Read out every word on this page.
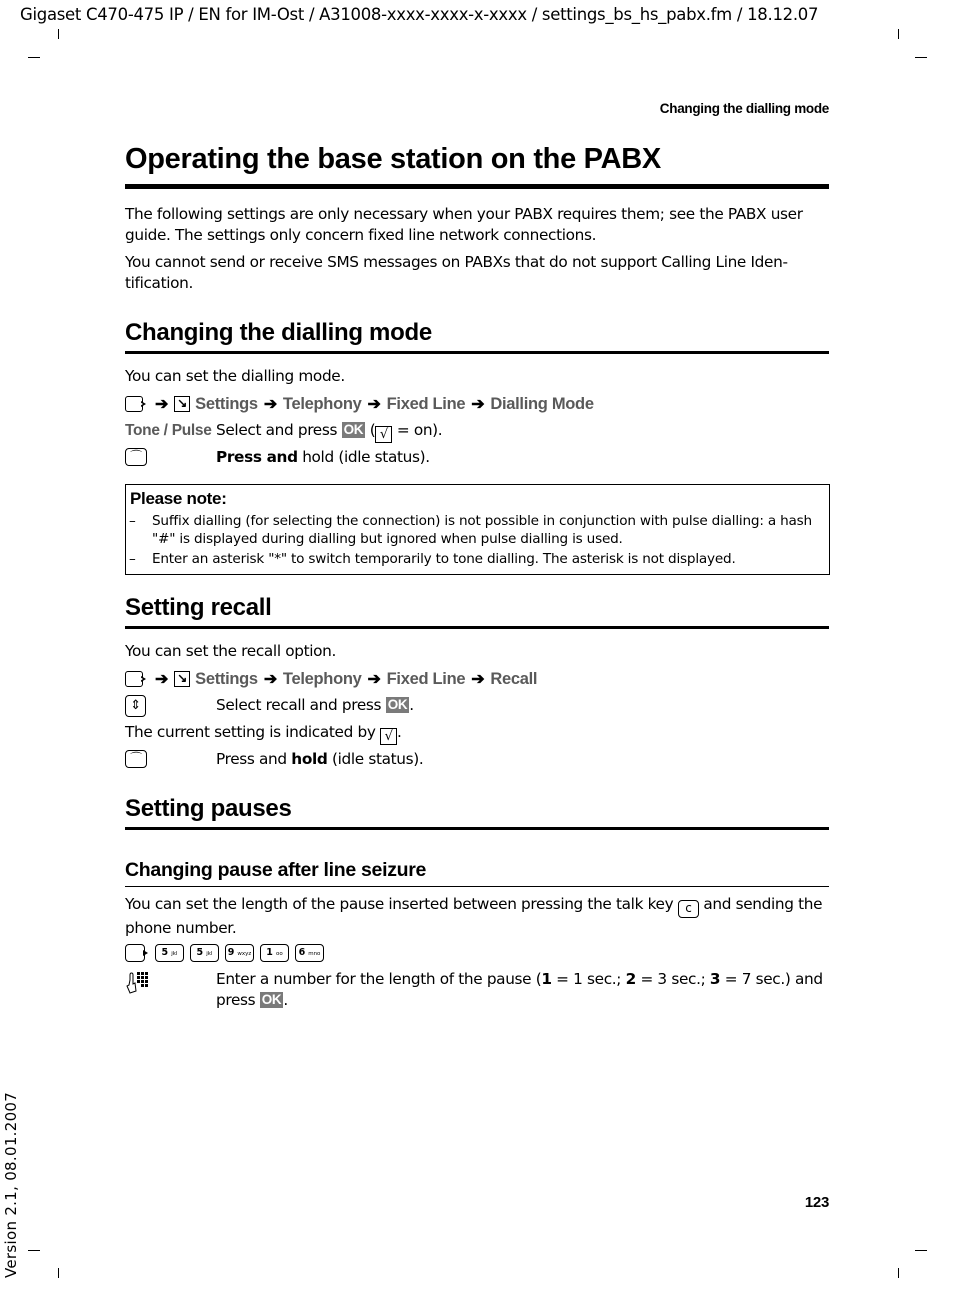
Gigaset C470-475 IP / EN for IM-Ost / A31008-xxxx-xxxx-x-xxxx / settings_bs_hs_pabx.fm / 18.12.07
Changing the dialling mode
Operating the base station on the PABX

The following settings are only necessary when your PABX requires them; see the PABX user guide. The settings only concern fixed line network connections.

You cannot send or receive SMS messages on PABXs that do not support Calling Line Iden-tification.

Changing the dialling mode

You can set the dialling mode.

➔ ↘ Settings ➔ Telephony ➔ Fixed Line ➔ Dialling Mode
Tone / Pulse Select and press OK ( √ = on).
⌒	Press and hold (idle status).
Please note:
– Suffix dialling (for selecting the connection) is not possible in conjunction with pulse dialling: a hash "#" is displayed during dialling but ignored when pulse dialling is used.
– Enter an asterisk "*" to switch temporarily to tone dialling. The asterisk is not displayed.
Setting recall

You can set the recall option.

➔ ↘ Settings ➔ Telephony ➔ Fixed Line ➔ Recall
⇕	Select recall and press OK .

The current setting is indicated by √ .

⌒	Press and hold (idle status).
Setting pauses
Changing pause after line seizure

You can set the length of the pause inserted between pressing the talk key c and sending the phone number.

5 jkl	5 jkl	9 wxyz	1 oo	6 mno
Enter a number for the length of the pause (1 = 1 sec.; 2 = 3 sec.; 3 = 7 sec.) and press OK .
123
Version 2.1, 08.01.2007
